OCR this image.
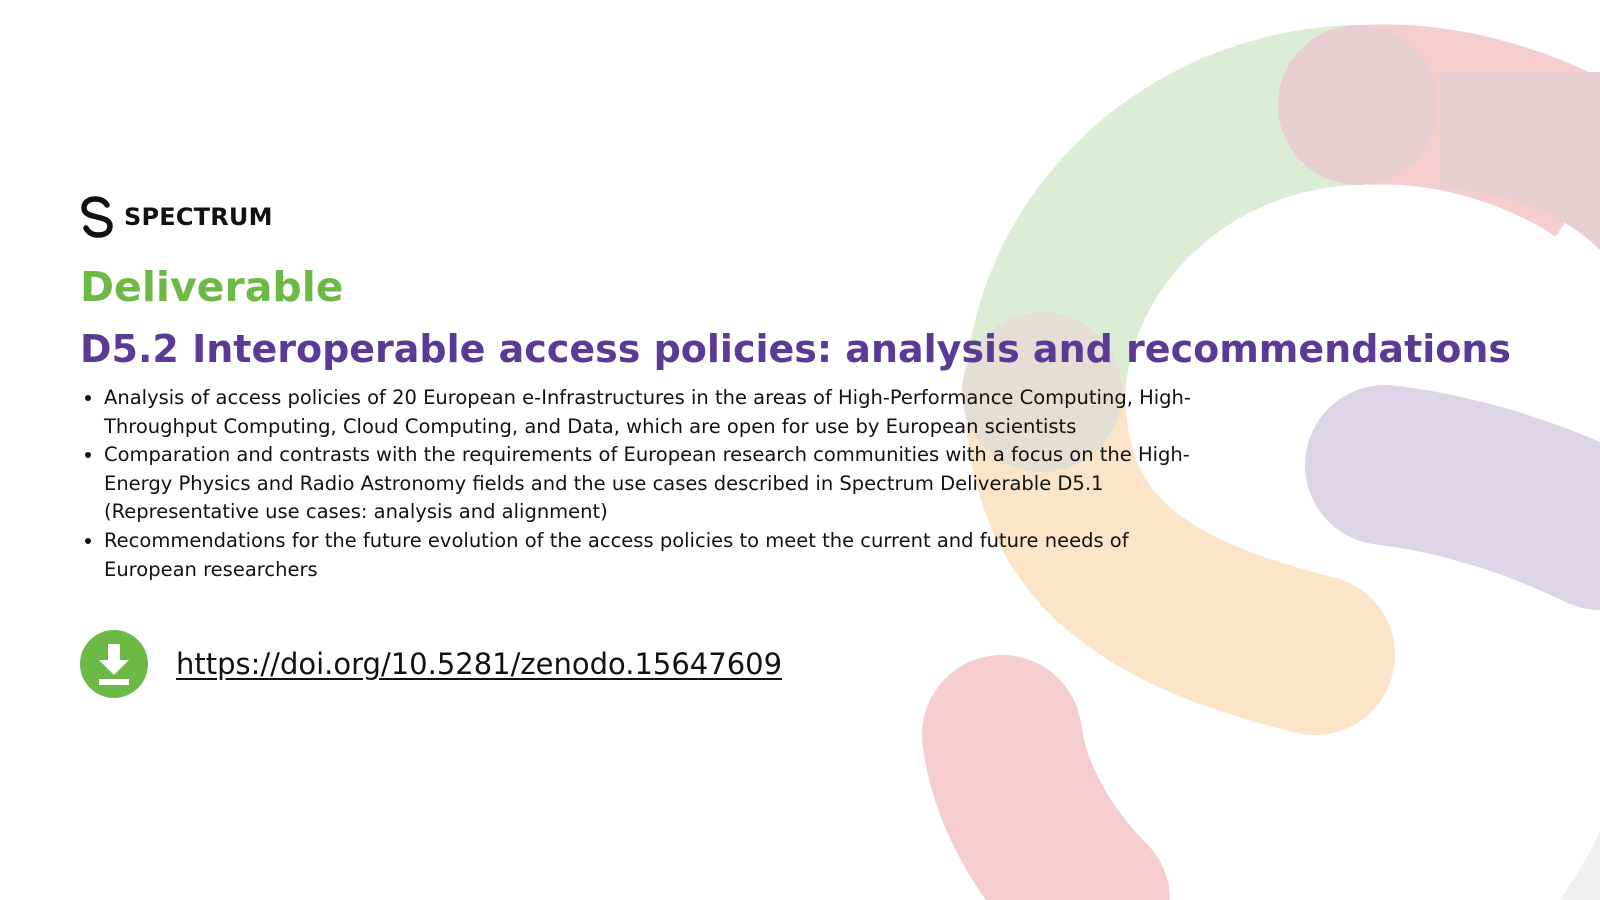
SPECTRUM
Deliverable
D5.2 Interoperable access policies: analysis and recommendations
• Analysis of access policies of 20 European e-Infrastructures in the areas of High-Performance Computing, High-Throughput Computing, Cloud Computing, and Data, which are open for use by European scientists
• Comparation and contrasts with the requirements of European research communities with a focus on the High-Energy Physics and Radio Astronomy fields and the use cases described in Spectrum Deliverable D5.1 (Representative use cases: analysis and alignment)
• Recommendations for the future evolution of the access policies to meet the current and future needs of European researchers
https://doi.org/10.5281/zenodo.15647609
